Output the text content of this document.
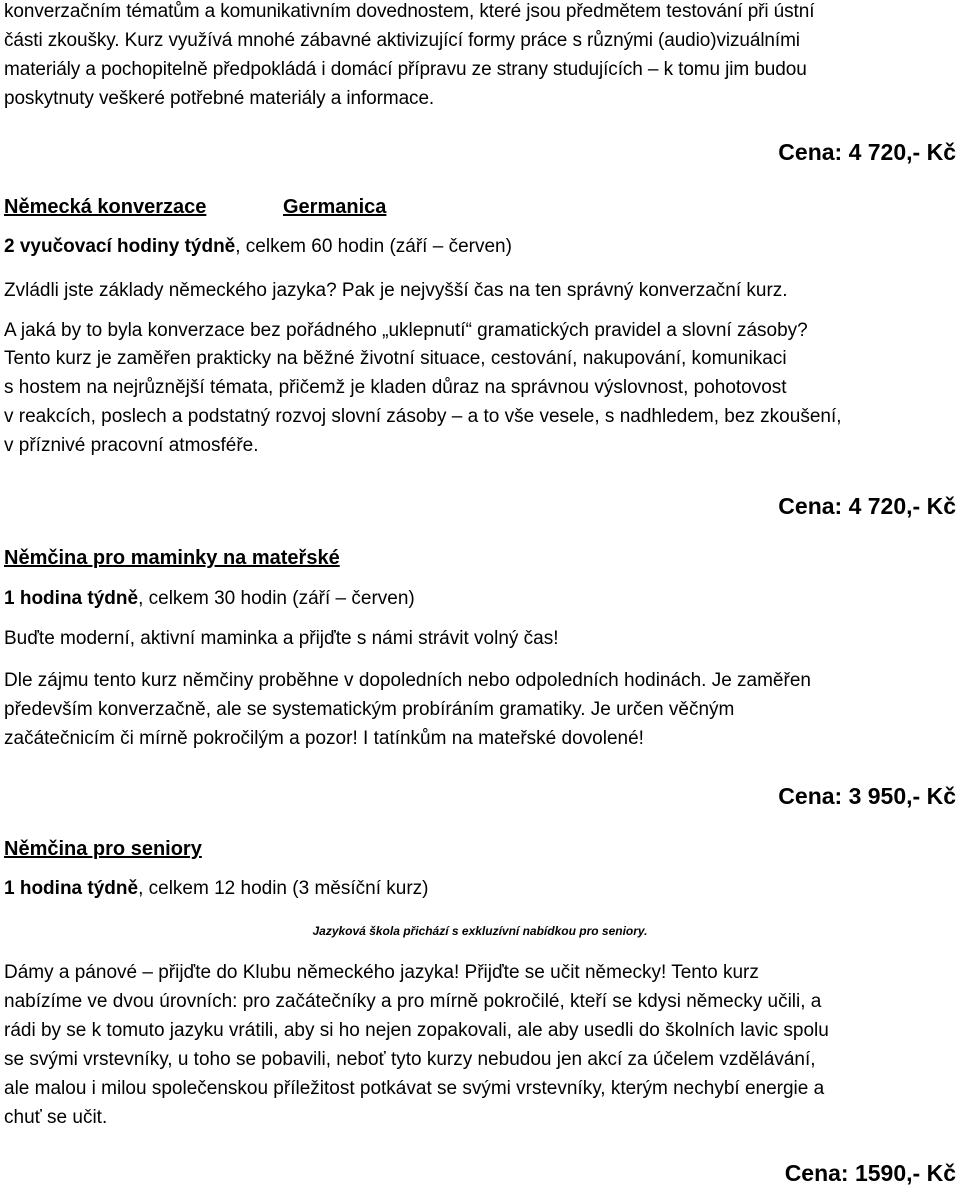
konverzačním tématům a komunikativním dovednostem, které jsou předmětem testování při ústní
části zkoušky. Kurz využívá mnohé zábavné aktivizující formy práce s různými (audio)vizuálními
materiály a pochopitelně předpokládá i domácí přípravu ze strany studujících – k tomu jim budou
poskytnuty veškeré potřebné materiály a informace.
Cena: 4 720,- Kč
Německá konverzace	Germanica
2 vyučovací hodiny týdně, celkem 60 hodin (září – červen)
Zvládli jste základy německého jazyka? Pak je nejvyšší čas na ten správný konverzační kurz.
A jaká by to byla konverzace bez pořádného „uklepnutí“ gramatických pravidel a slovní zásoby?
Tento kurz je zaměřen prakticky na běžné životní situace, cestování, nakupování, komunikaci
s hostem na nejrůznější témata, přičemž je kladen důraz na správnou výslovnost, pohotovost
v reakcích, poslech a podstatný rozvoj slovní zásoby – a to vše vesele, s nadhledem, bez zkoušení,
v příznivé pracovní atmosféře.
Cena: 4 720,- Kč
Němčina pro maminky na mateřské
1 hodina týdně, celkem 30 hodin (září – červen)
Buďte moderní, aktivní maminka a přijďte s námi strávit volný čas!
Dle zájmu tento kurz němčiny proběhne v dopoledních nebo odpoledních hodinách. Je zaměřen
především konverzačně, ale se systematickým probíráním gramatiky. Je určen věčným
začátečnicím či mírně pokročilým a pozor! I tatínkům na mateřské dovolené!
Cena: 3 950,- Kč
Němčina pro seniory
1 hodina týdně, celkem 12 hodin (3 měsíční kurz)
Jazyková škola přichází s exkluzívní nabídkou pro seniory.
Dámy a pánové – přijďte do Klubu německého jazyka! Přijďte se učit německy! Tento kurz
nabízíme ve dvou úrovních: pro začátečníky a pro mírně pokročilé, kteří se kdysi německy učili, a
rádi by se k tomuto jazyku vrátili, aby si ho nejen zopakovali, ale aby usedli do školních lavic spolu
se svými vrstevníky, u toho se pobavili, neboť tyto kurzy nebudou jen akcí za účelem vzdělávání,
ale malou i milou společenskou příležitost potkávat se svými vrstevníky, kterým nechybí energie a
chuť se učit.
Cena: 1590,- Kč
